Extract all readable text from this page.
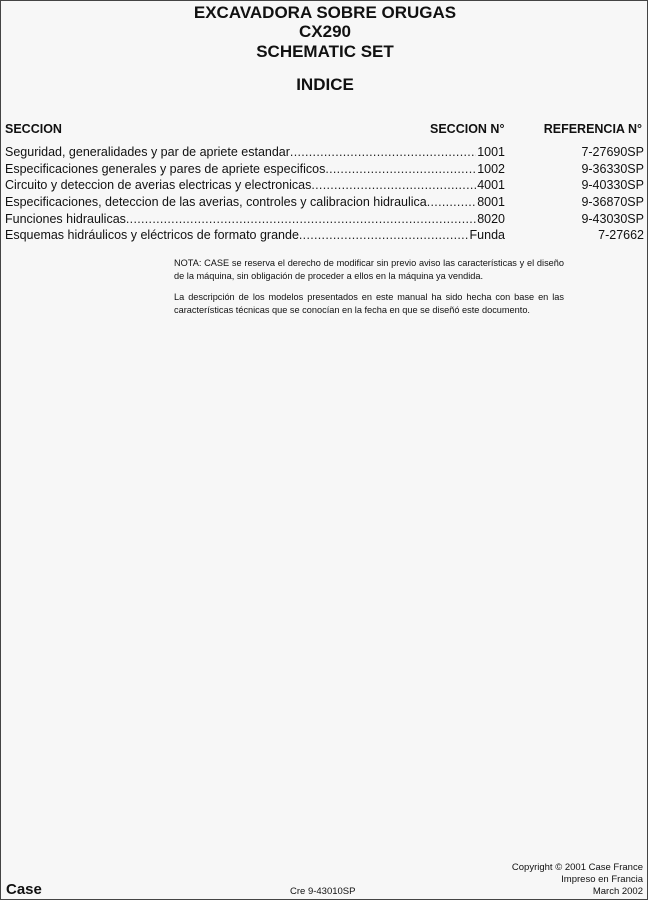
EXCAVADORA SOBRE ORUGAS
CX290
SCHEMATIC SET
INDICE
SECCION	SECCION N°	REFERENCIA N°
Seguridad, generalidades y par de apriete estandar .....	1001	7-27690SP
Especificaciones generales y pares de apriete especificos .....	1002	9-36330SP
Circuito y deteccion de averias electricas y electronicas .....	4001	9-40330SP
Especificaciones, deteccion de las averias, controles y calibracion hidraulica .....	8001	9-36870SP
Funciones hidraulicas .....	8020	9-43030SP
Esquemas hidráulicos y eléctricos de formato grande .....	Funda	7-27662

NOTA: CASE se reserva el derecho de modificar sin previo aviso las características y el diseño de la máquina, sin obligación de proceder a ellos en la máquina ya vendida.

La descripción de los modelos presentados en este manual ha sido hecha con base en las características técnicas que se conocían en la fecha en que se diseñó este documento.

Case	Cre 9-43010SP
Copyright © 2001 Case France
Impreso en Francia
March 2002
